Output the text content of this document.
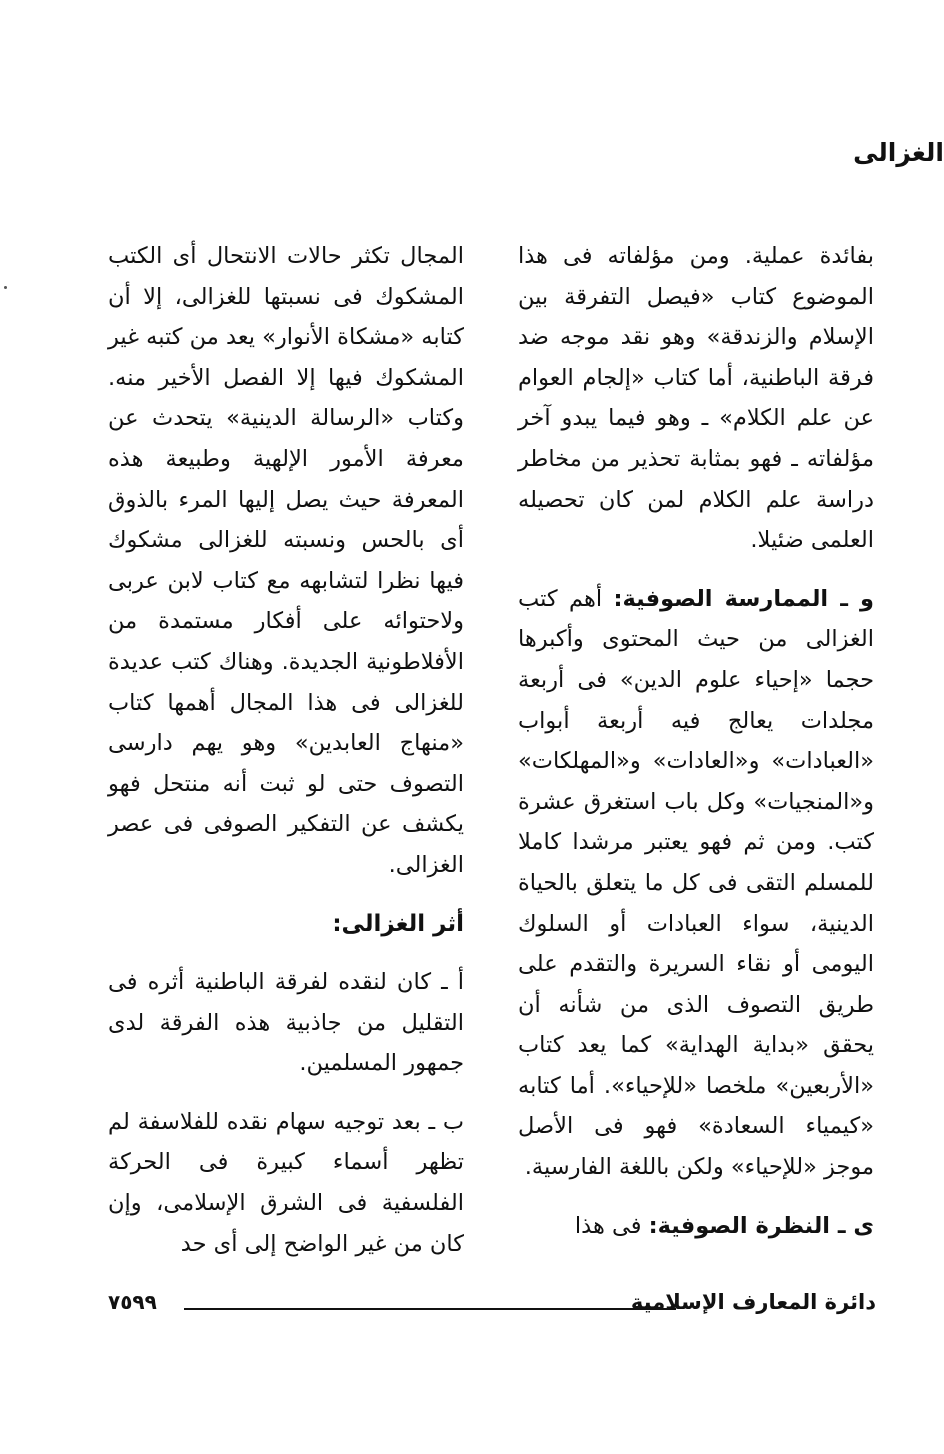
الغزالى

بفائدة عملية. ومن مؤلفاته فى هذا الموضوع كتاب «فيصل التفرقة بين الإسلام والزندقة» وهو نقد موجه ضد فرقة الباطنية، أما كتاب «إلجام العوام عن علم الكلام» ـ وهو فيما يبدو آخر مؤلفاته ـ فهو بمثابة تحذير من مخاطر دراسة علم الكلام لمن كان تحصيله العلمى ضئيلا.

و ـ الممارسة الصوفية: أهم كتب الغزالى من حيث المحتوى وأكبرها حجما «إحياء علوم الدين» فى أربعة مجلدات يعالج فيه أربعة أبواب «العبادات» و«العادات» و«المهلكات» و«المنجيات» وكل باب استغرق عشرة كتب. ومن ثم فهو يعتبر مرشدا كاملا للمسلم التقى فى كل ما يتعلق بالحياة الدينية، سواء العبادات أو السلوك اليومى أو نقاء السريرة والتقدم على طريق التصوف الذى من شأنه أن يحقق «بداية الهداية» كما يعد كتاب «الأربعين» ملخصا «للإحياء». أما كتابه «كيمياء السعادة» فهو فى الأصل موجز «للإحياء» ولكن باللغة الفارسية.

ى ـ النظرة الصوفية: فى هذا

المجال تكثر حالات الانتحال أى الكتب المشكوك فى نسبتها للغزالى، إلا أن كتابه «مشكاة الأنوار» يعد من كتبه غير المشكوك فيها إلا الفصل الأخير منه. وكتاب «الرسالة الدينية» يتحدث عن معرفة الأمور الإلهية وطبيعة هذه المعرفة حيث يصل إليها المرء بالذوق أى بالحس ونسبته للغزالى مشكوك فيها نظرا لتشابهه مع كتاب لابن عربى ولاحتوائه على أفكار مستمدة من الأفلاطونية الجديدة. وهناك كتب عديدة للغزالى فى هذا المجال أهمها كتاب «منهاج العابدين» وهو يهم دارسى التصوف حتى لو ثبت أنه منتحل فهو يكشف عن التفكير الصوفى فى عصر الغزالى.

أثر الغزالى:

أ ـ كان لنقده لفرقة الباطنية أثره فى التقليل من جاذبية هذه الفرقة لدى جمهور المسلمين.

ب ـ بعد توجيه سهام نقده للفلاسفة لم تظهر أسماء كبيرة فى الحركة الفلسفية فى الشرق الإسلامى، وإن كان من غير الواضح إلى أى حد

دائرة المعارف الإسلامية
٧٥٩٩
